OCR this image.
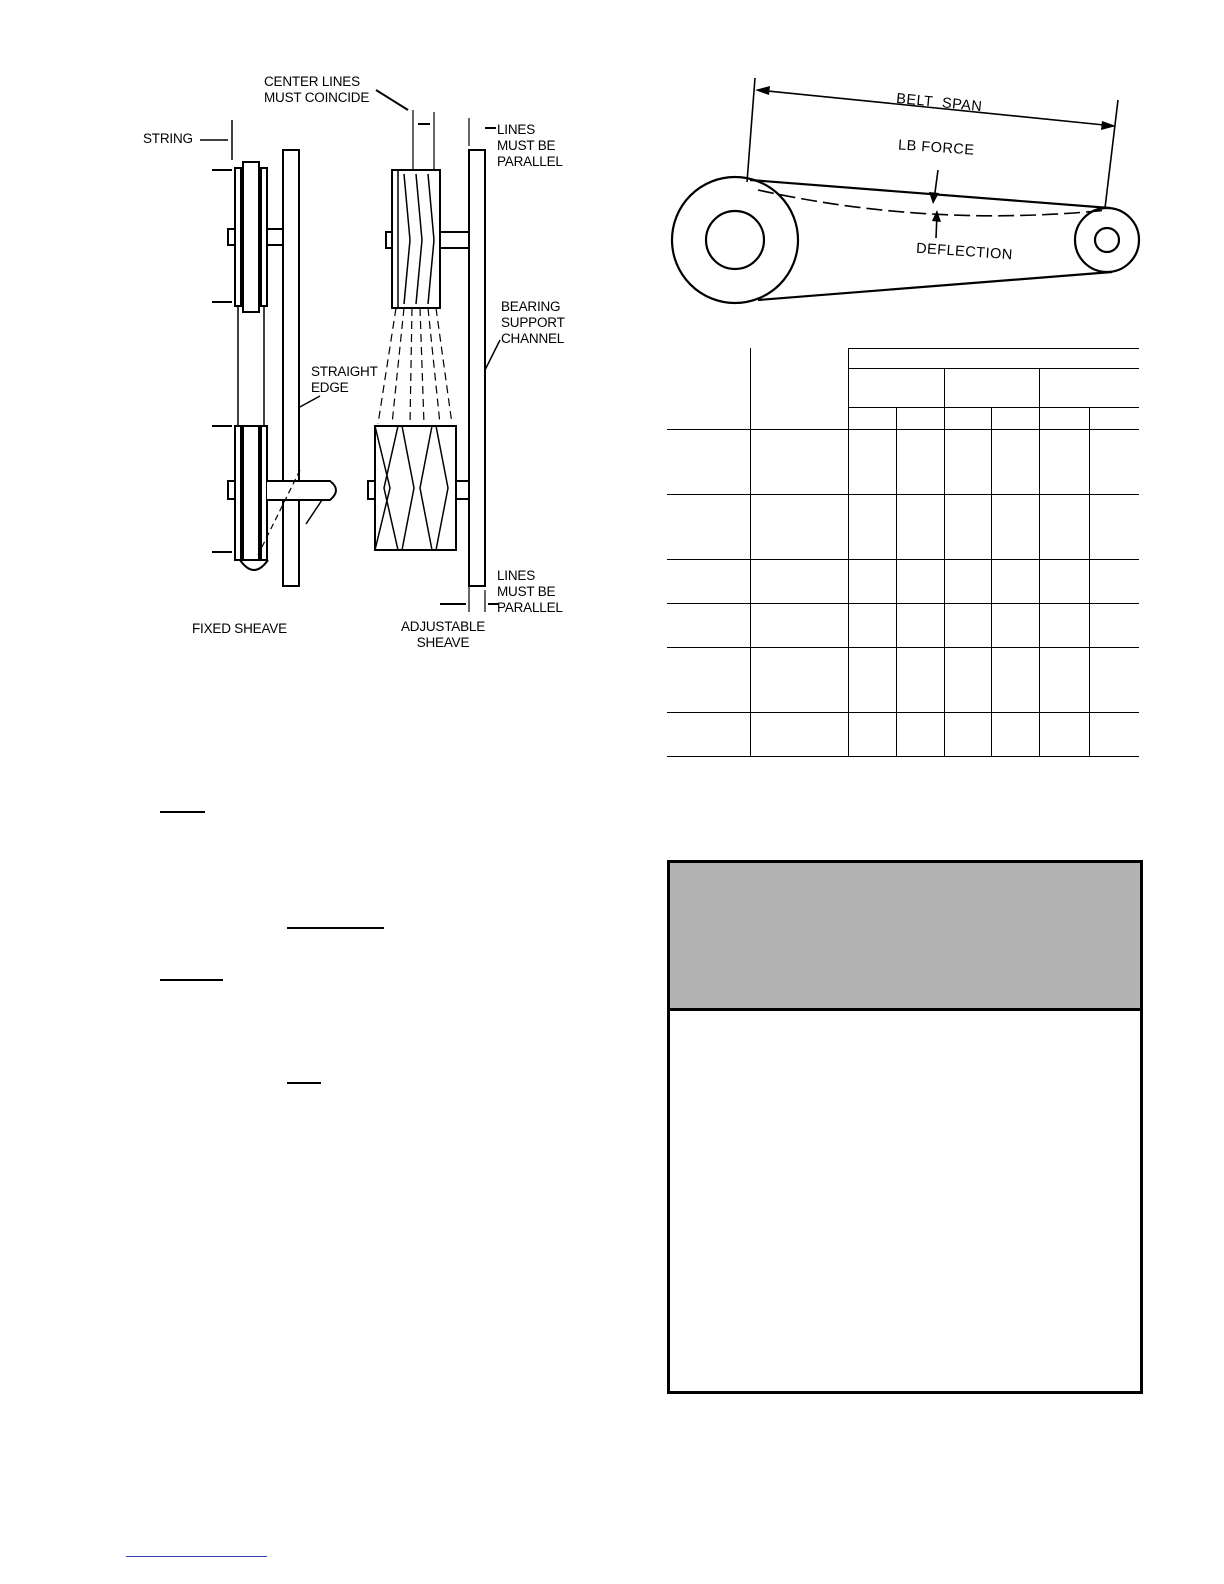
CENTER LINES
MUST COINCIDE
STRING
LINES
MUST BE
PARALLEL
BEARING
SUPPORT
CHANNEL
STRAIGHT
EDGE
LINES
MUST BE
PARALLEL
FIXED SHEAVE	ADJUSTABLE
SHEAVE
BELT  SPAN
LB FORCE
DEFLECTION
